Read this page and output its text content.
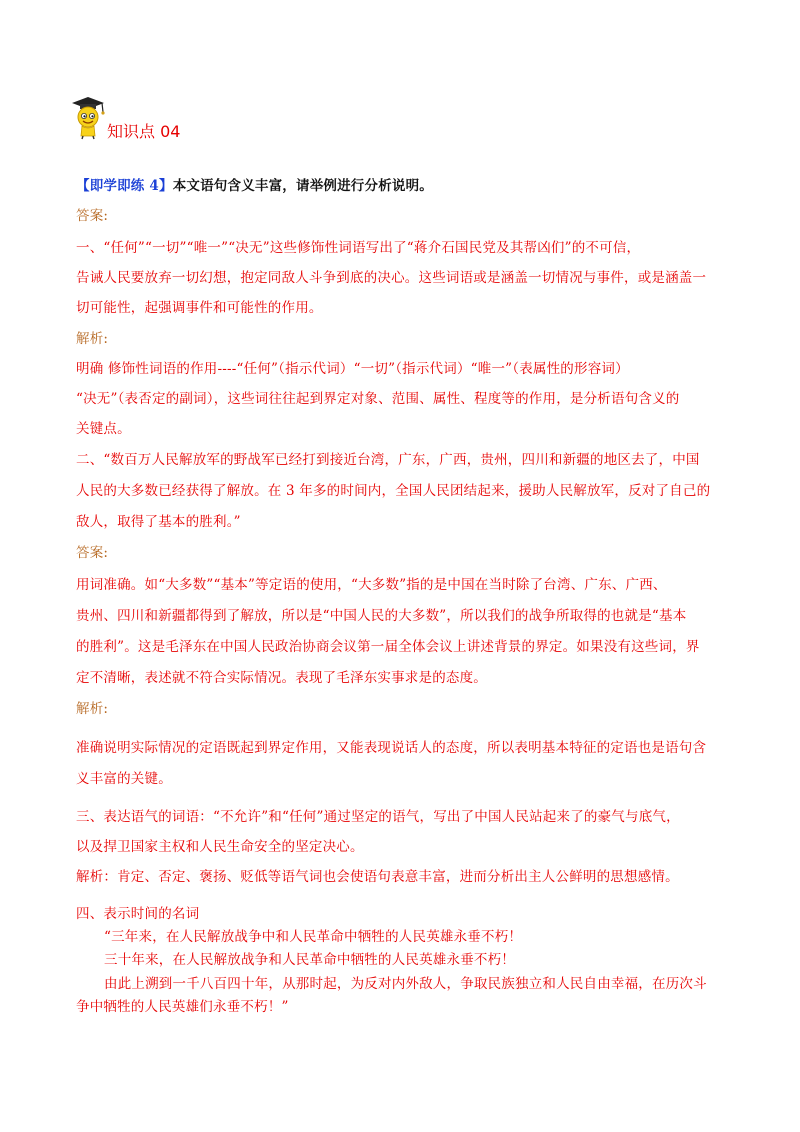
知识点 04
【即学即练 4】本文语句含义丰富，请举例进行分析说明。
答案:
一、“任何”“一切”“唯一”“决无”这些修饰性词语写出了“蒋介石国民党及其帮凶们”的不可信，
告诫人民要放弃一切幻想，抱定同敌人斗争到底的决心。这些词语或是涵盖一切情况与事件，或是涵盖一
切可能性，起强调事件和可能性的作用。
解析:
明确 修饰性词语的作用----“任何”（指示代词）“一切”（指示代词）“唯一”（表属性的形容词）
“决无”（表否定的副词），这些词往往起到界定对象、范围、属性、程度等的作用，是分析语句含义的
关键点。
二、“数百万人民解放军的野战军已经打到接近台湾，广东，广西，贵州，四川和新疆的地区去了，中国
人民的大多数已经获得了解放。在 3 年多的时间内，全国人民团结起来，援助人民解放军，反对了自己的
敌人，取得了基本的胜利。”
答案:
用词准确。如“大多数”“基本”等定语的使用，“大多数”指的是中国在当时除了台湾、广东、广西、
贵州、四川和新疆都得到了解放，所以是“中国人民的大多数”，所以我们的战争所取得的也就是“基本
的胜利”。这是毛泽东在中国人民政治协商会议第一届全体会议上讲述背景的界定。如果没有这些词，界
定不清晰，表述就不符合实际情况。表现了毛泽东实事求是的态度。
解析:
准确说明实际情况的定语既起到界定作用，又能表现说话人的态度，所以表明基本特征的定语也是语句含
义丰富的关键。
三、表达语气的词语：“不允许”和“任何”通过坚定的语气，写出了中国人民站起来了的豪气与底气，
以及捍卫国家主权和人民生命安全的坚定决心。
解析：肯定、否定、褒扬、贬低等语气词也会使语句表意丰富，进而分析出主人公鲜明的思想感情。
四、表示时间的名词
“三年来，在人民解放战争中和人民革命中牺牲的人民英雄永垂不朽！
三十年来，在人民解放战争和人民革命中牺牲的人民英雄永垂不朽！
由此上溯到一千八百四十年，从那时起，为反对内外敌人，争取民族独立和人民自由幸福，在历次斗
争中牺牲的人民英雄们永垂不朽！”
